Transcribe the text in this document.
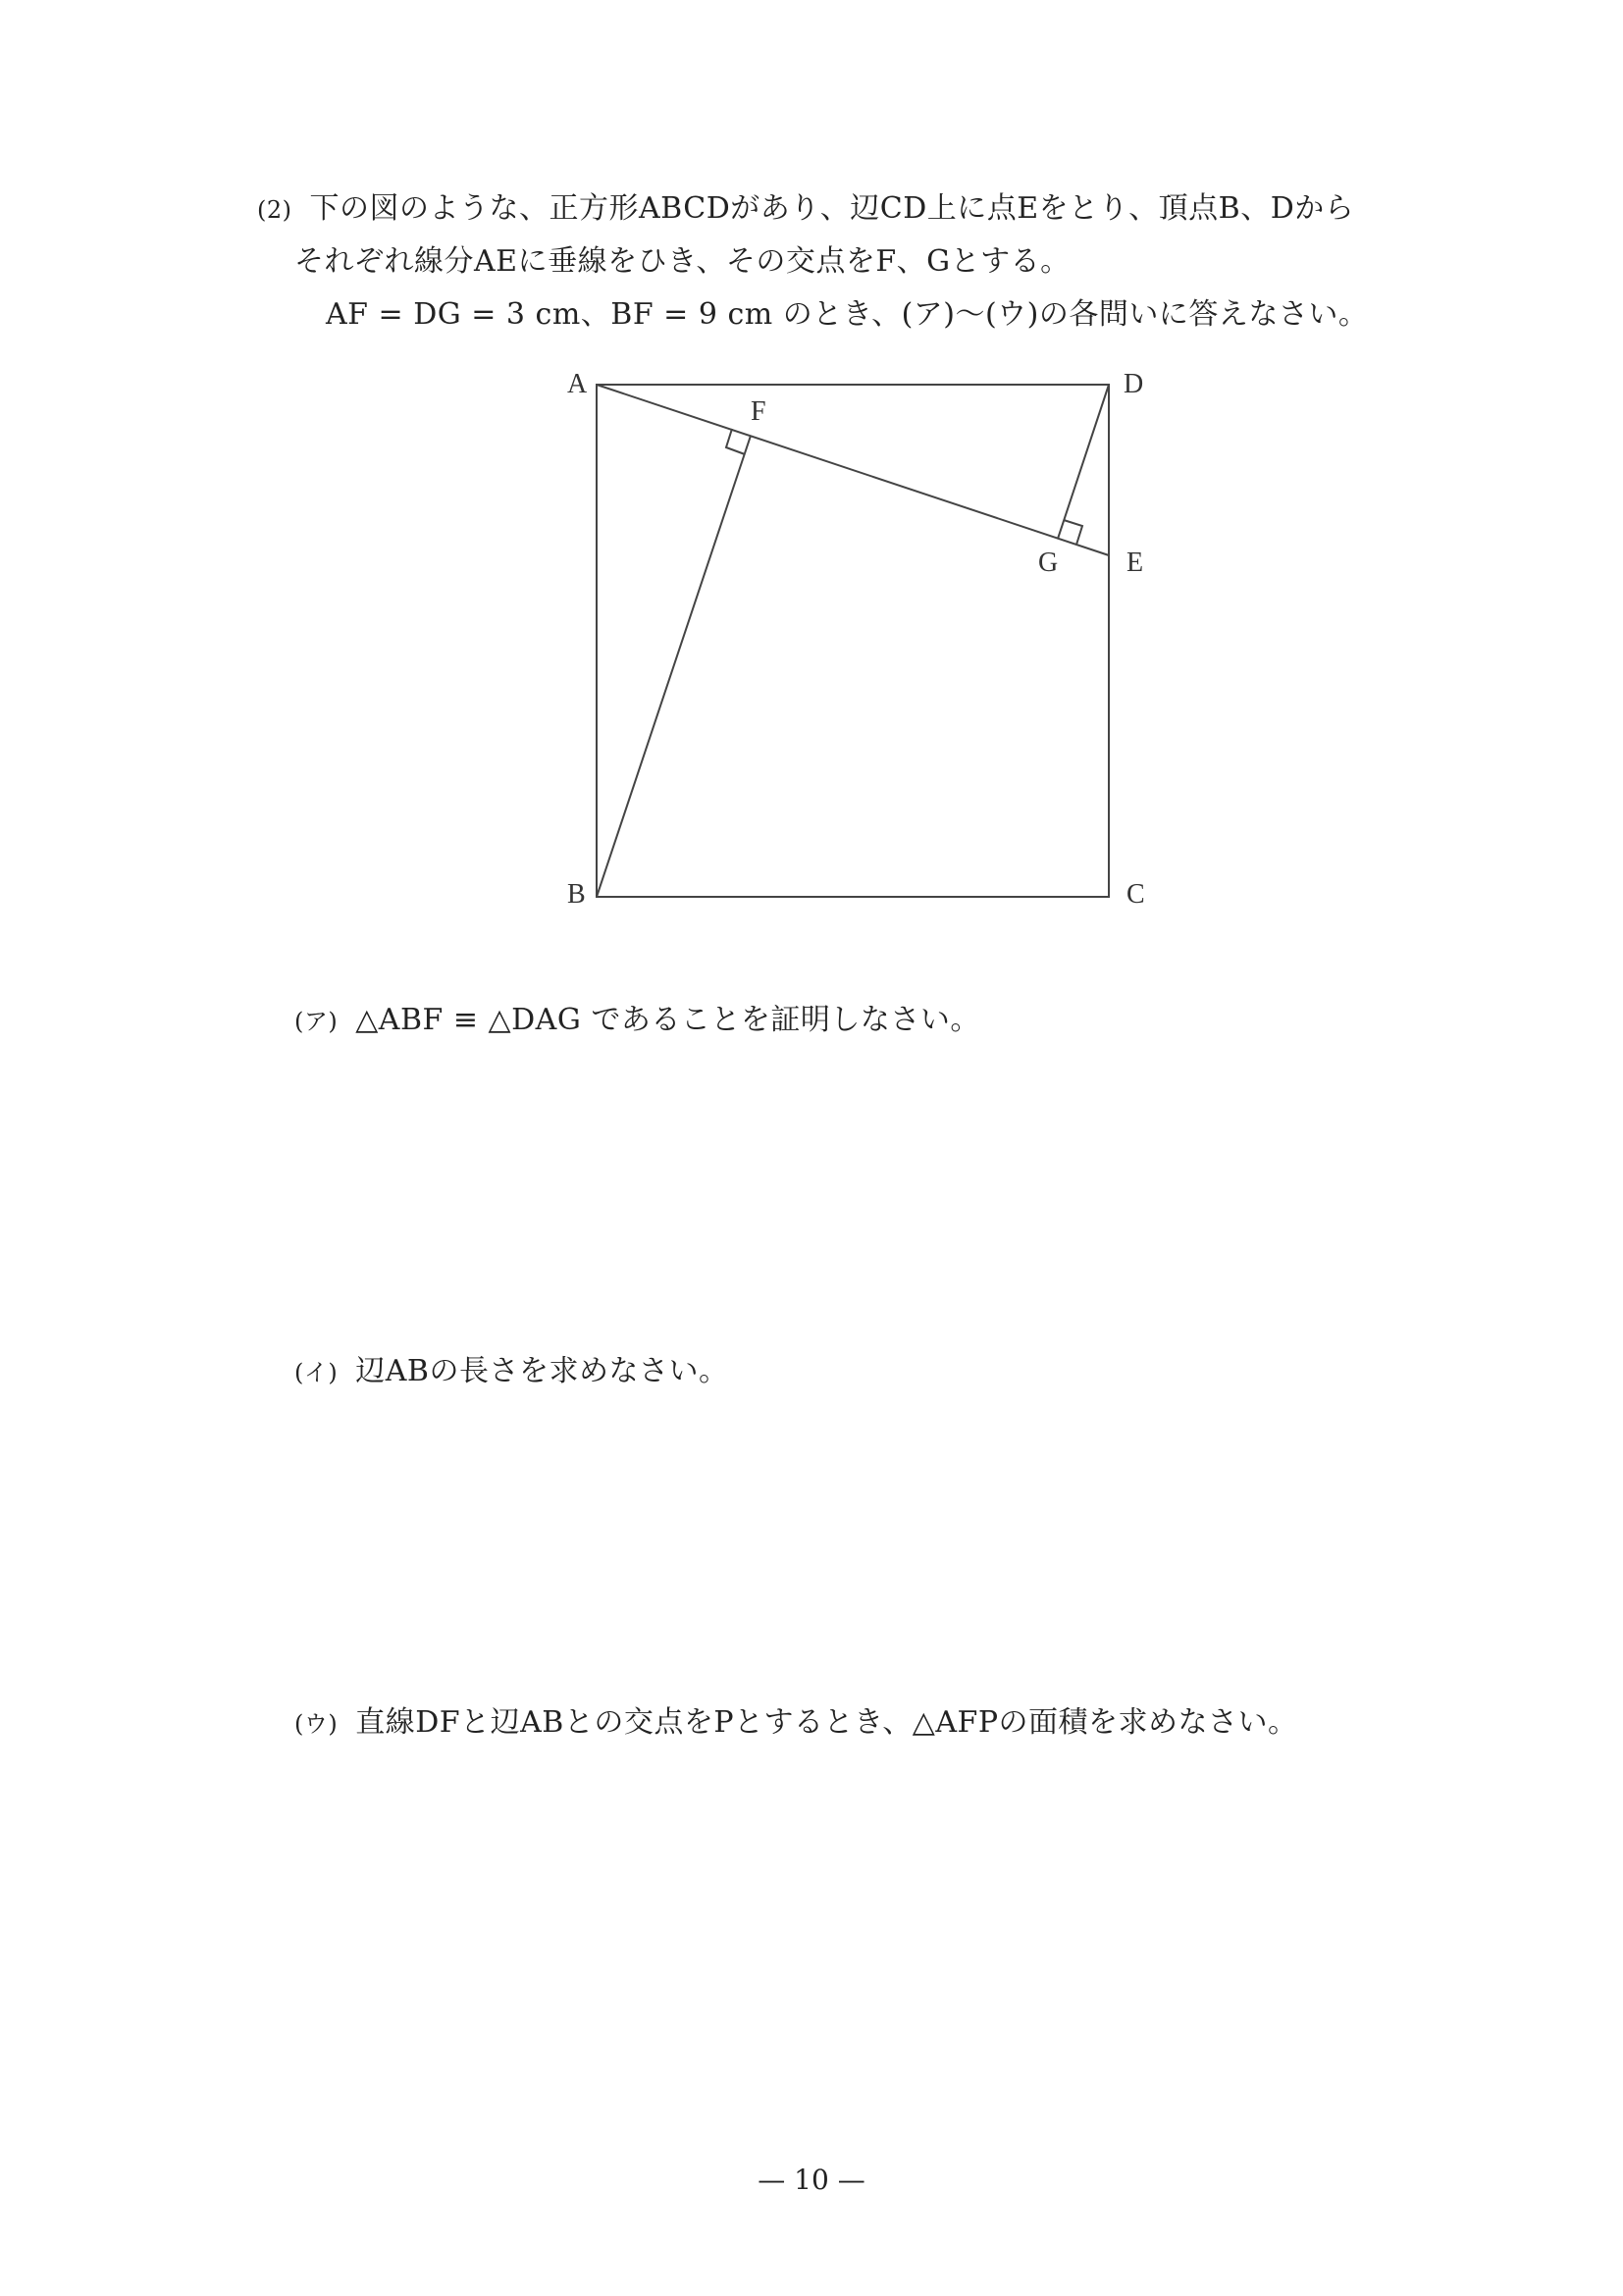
(2) 下の図のような、正方形ABCDがあり、辺CD上に点Eをとり、頂点B、Dから
それぞれ線分AEに垂線をひき、その交点をF、Gとする。
AF = DG = 3 cm、BF = 9 cm のとき、(ア)〜(ウ)の各問いに答えなさい。
A	D
F
G E
B	C
(ア) △ABF ≡ △DAG であることを証明しなさい。
(イ) 辺ABの長さを求めなさい。
(ウ) 直線DFと辺ABとの交点をPとするとき、△AFPの面積を求めなさい。
— 10 —
